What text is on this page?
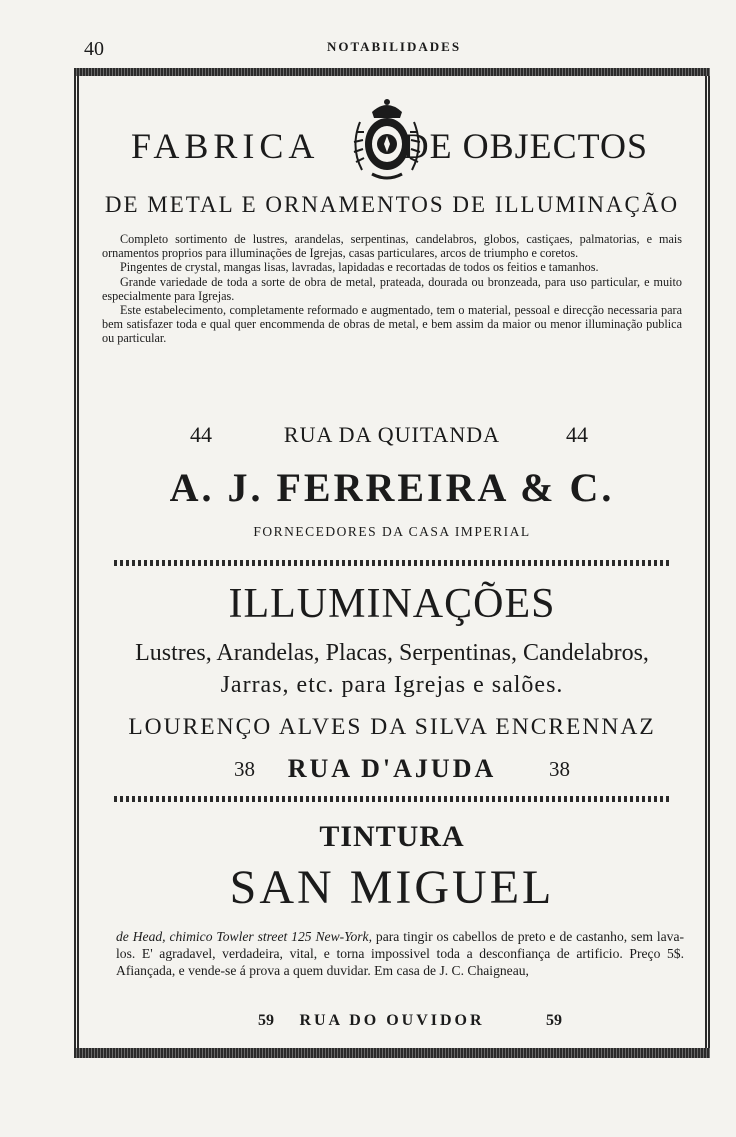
40	NOTABILIDADES
FABRICA DE OBJECTOS
DE METAL E ORNAMENTOS DE ILLUMINAÇÃO

Completo sortimento de lustres, arandelas, serpentinas, candelabros, globos, castiçaes, palmatorias, e mais ornamentos proprios para illuminações de Igrejas, casas particulares, arcos de triumpho e coretos.

Pingentes de crystal, mangas lisas, lavradas, lapidadas e recortadas de todos os feitios e tamanhos.

Grande variedade de toda a sorte de obra de metal, prateada, dourada ou bronzeada, para uso particular, e muito especialmente para Igrejas.

Este estabelecimento, completamente reformado e augmentado, tem o material, pessoal e direcção necessaria para bem satisfazer toda e qual quer encommenda de obras de metal, e bem assim da maior ou menor illuminação publica ou particular.

44	RUA DA QUITANDA	44
A. J. FERREIRA & C.
FORNECEDORES DA CASA IMPERIAL
ILLUMINAÇÕES
Lustres, Arandelas, Placas, Serpentinas, Candelabros,
Jarras, etc. para Igrejas e salões.
LOURENÇO ALVES DA SILVA ENCRENNAZ
38	RUA D'AJUDA	38
TINTURA
SAN MIGUEL
de Head, chimico Towler street 125 New-York, para tingir os cabellos de preto e de castanho, sem lava-los. E' agradavel, verdadeira, vital, e torna impossivel toda a desconfiança de artificio. Preço 5$. Afiançada, e vende-se á prova a quem duvidar. Em casa de J. C. Chaigneau,
59	RUA DO OUVIDOR	59
